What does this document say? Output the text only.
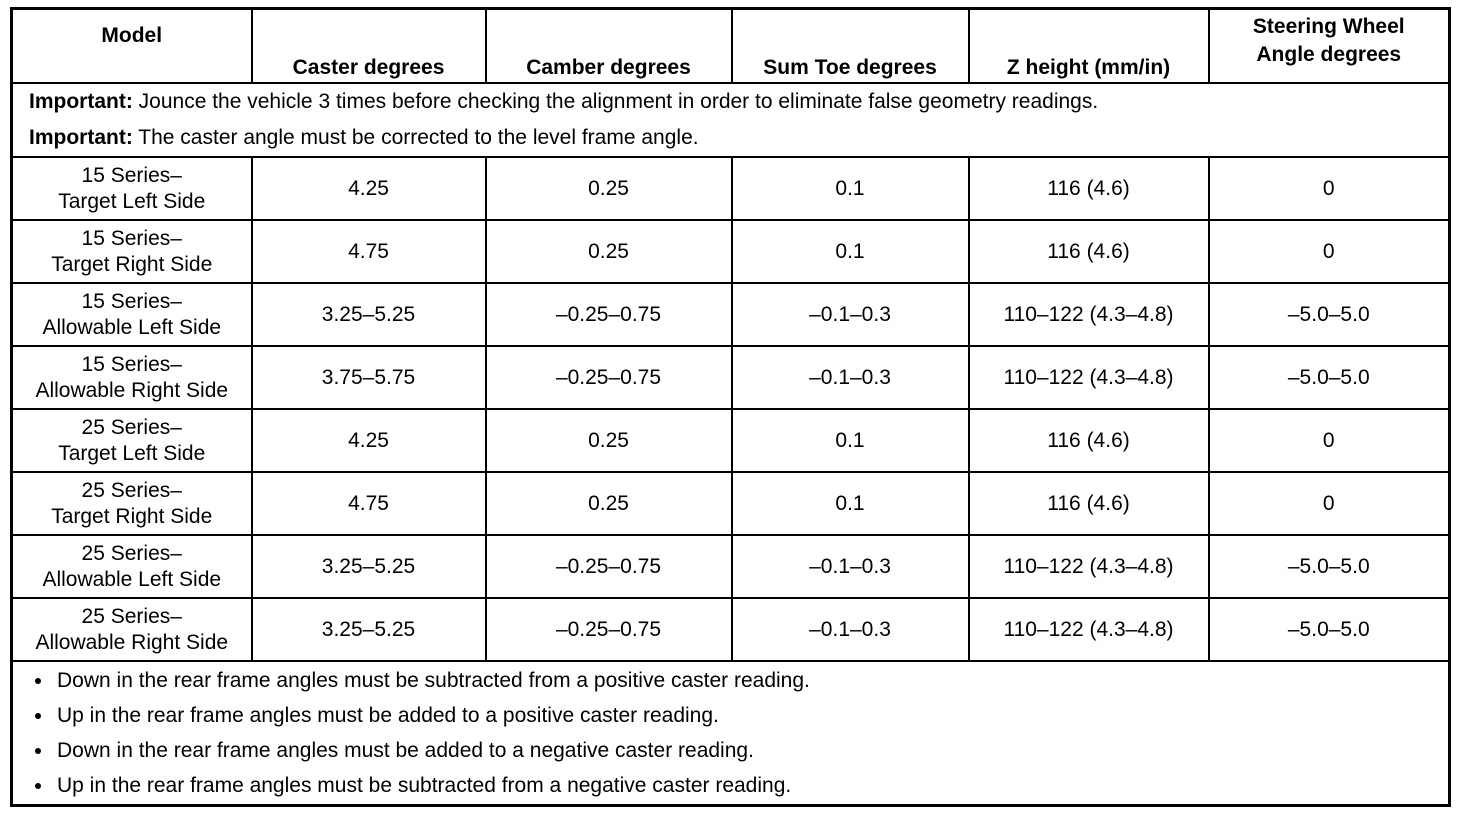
Model	Caster degrees	Camber degrees	Sum Toe degrees	Z height (mm/in)	Steering Wheel
Angle degrees

Important: Jounce the vehicle 3 times before checking the alignment in order to eliminate false geometry readings.
Important: The caster angle must be corrected to the level frame angle.					

15 Series–
Target Left Side	4.25	0.25	0.1	116 (4.6)	0

15 Series–
Target Right Side	4.75	0.25	0.1	116 (4.6)	0

15 Series–
Allowable Left Side	3.25–5.25	–0.25–0.75	–0.1–0.3	110–122 (4.3–4.8)	–5.0–5.0

15 Series–
Allowable Right Side	3.75–5.75	–0.25–0.75	–0.1–0.3	110–122 (4.3–4.8)	–5.0–5.0

25 Series–
Target Left Side	4.25	0.25	0.1	116 (4.6)	0

25 Series–
Target Right Side	4.75	0.25	0.1	116 (4.6)	0

25 Series–
Allowable Left Side	3.25–5.25	–0.25–0.75	–0.1–0.3	110–122 (4.3–4.8)	–5.0–5.0

25 Series–
Allowable Right Side	3.25–5.25	–0.25–0.75	–0.1–0.3	110–122 (4.3–4.8)	–5.0–5.0

Down in the rear frame angles must be subtracted from a positive caster reading.
Up in the rear frame angles must be added to a positive caster reading.
Down in the rear frame angles must be added to a negative caster reading.
Up in the rear frame angles must be subtracted from a negative caster reading.					
